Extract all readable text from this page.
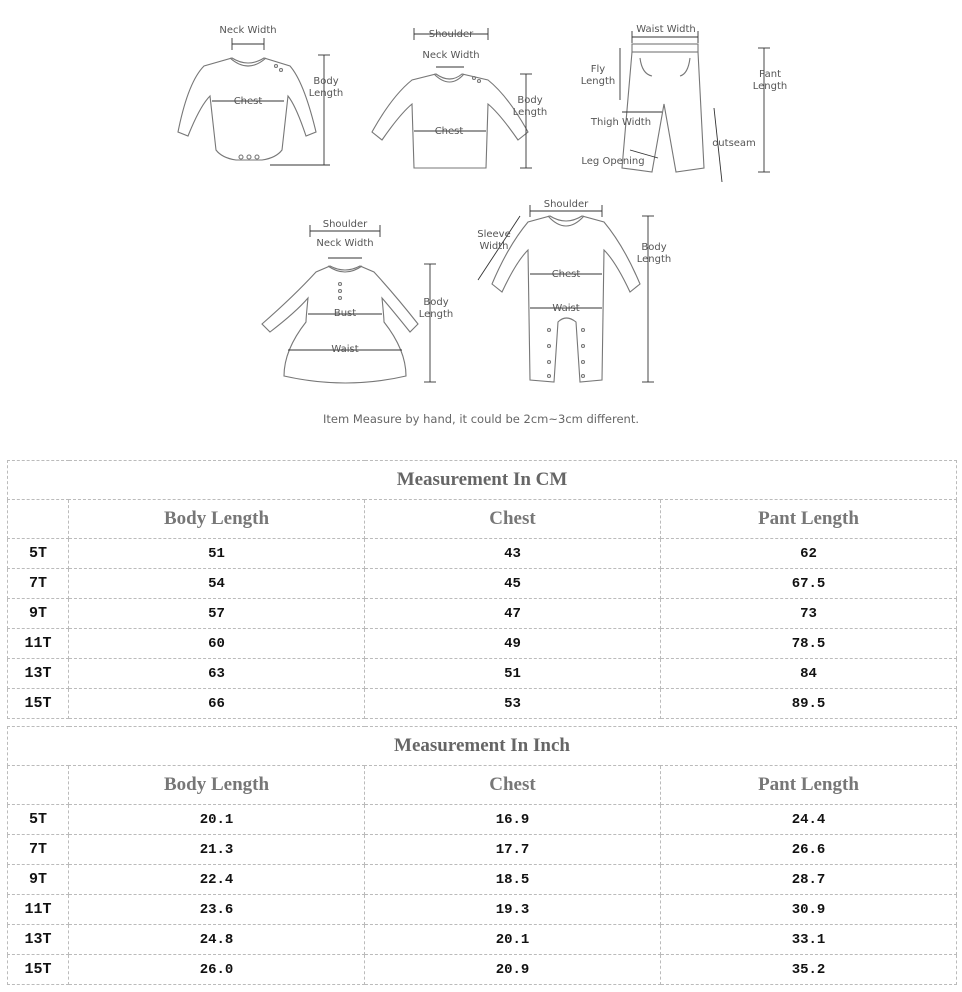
Neck Width
Body Length
Chest
Shoulder
Neck Width
Body Length
Chest
Waist Width
Fly Length
Pant Length
Thigh Width
outseam
Leg Opening
Shoulder
Neck Width
Body Length
Bust
Waist
Shoulder
Sleeve Width	Body Length
Chest
Waist
Item Measure by hand, it could be 2cm~3cm different.
Measurement In CM			
	Body Length	Chest	Pant Length
5T	51	43	62
7T	54	45	67.5
9T	57	47	73
11T	60	49	78.5
13T	63	51	84
15T	66	53	89.5
Measurement In Inch			
	Body Length	Chest	Pant Length
5T	20.1	16.9	24.4
7T	21.3	17.7	26.6
9T	22.4	18.5	28.7
11T	23.6	19.3	30.9
13T	24.8	20.1	33.1
15T	26.0	20.9	35.2
